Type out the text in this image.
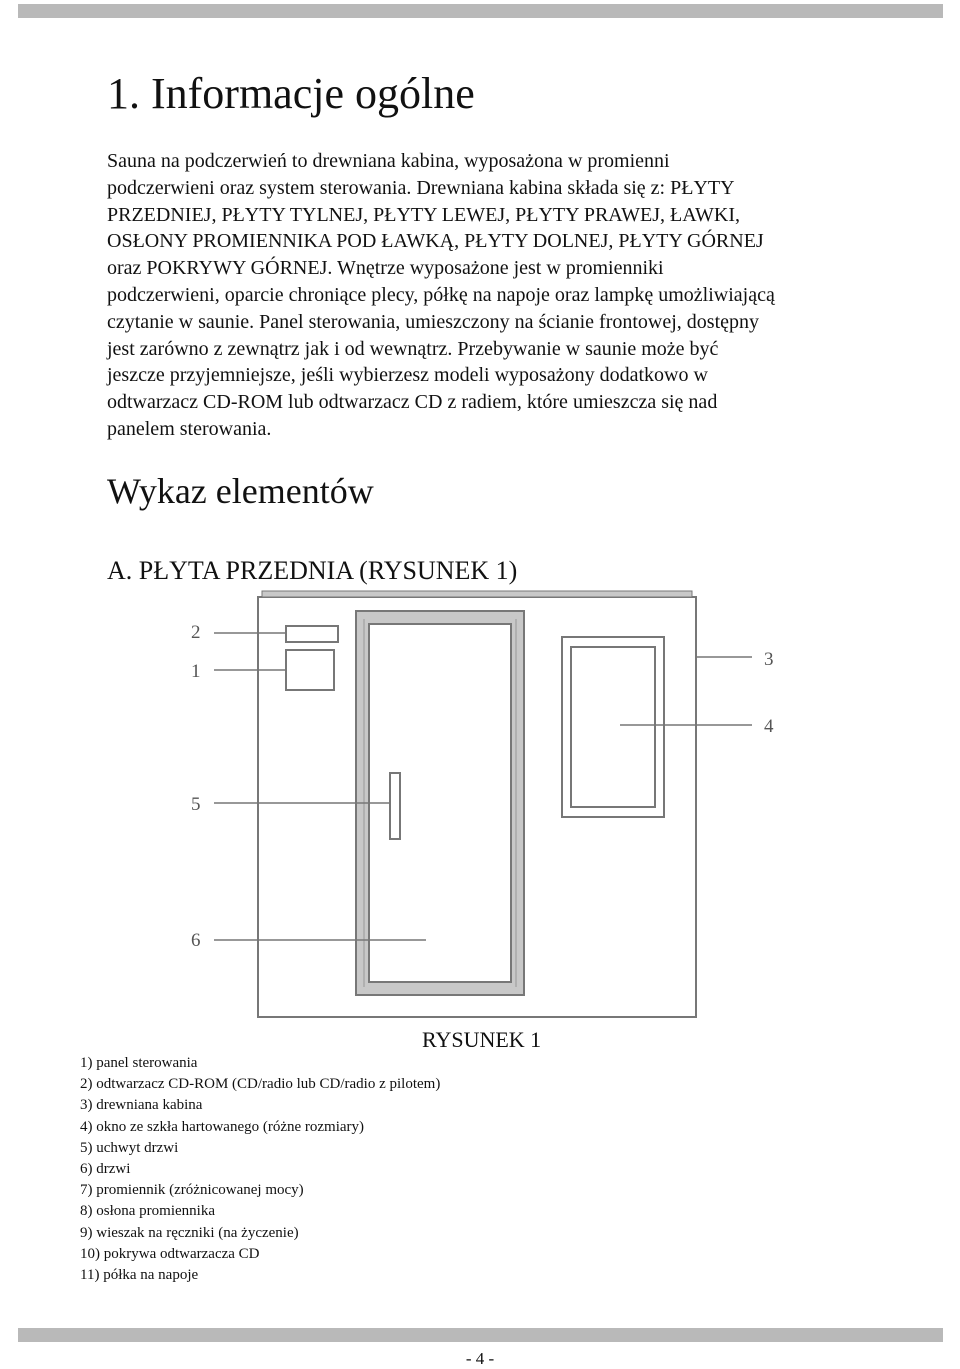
1. Informacje ogólne

Sauna na podczerwień to drewniana kabina, wyposażona w promienni
podczerwieni oraz system sterowania. Drewniana kabina składa się z: PŁYTY
PRZEDNIEJ, PŁYTY TYLNEJ, PŁYTY LEWEJ, PŁYTY PRAWEJ, ŁAWKI,
OSŁONY PROMIENNIKA POD ŁAWKĄ, PŁYTY DOLNEJ, PŁYTY GÓRNEJ
oraz POKRYWY GÓRNEJ. Wnętrze wyposażone jest w promienniki
podczerwieni, oparcie chroniące plecy, półkę na napoje oraz lampkę umożliwiającą
czytanie w saunie. Panel sterowania, umieszczony na ścianie frontowej, dostępny
jest zarówno z zewnątrz jak i od wewnątrz. Przebywanie w saunie może być
jeszcze przyjemniejsze, jeśli wybierzesz modeli wyposażony dodatkowo w
odtwarzacz CD-ROM lub odtwarzacz CD z radiem, które umieszcza się nad
panelem sterowania.

Wykaz elementów
A. PŁYTA PRZEDNIA (RYSUNEK 1)
2
1
3
4
5
6
RYSUNEK 1
1) panel sterowania
2) odtwarzacz CD-ROM (CD/radio lub CD/radio z pilotem)
3) drewniana kabina
4) okno ze szkła hartowanego (różne rozmiary)
5) uchwyt drzwi
6) drzwi
7) promiennik (zróżnicowanej mocy)
8) osłona promiennika
9) wieszak na ręczniki (na życzenie)
10) pokrywa odtwarzacza CD
11) półka na napoje
- 4 -
